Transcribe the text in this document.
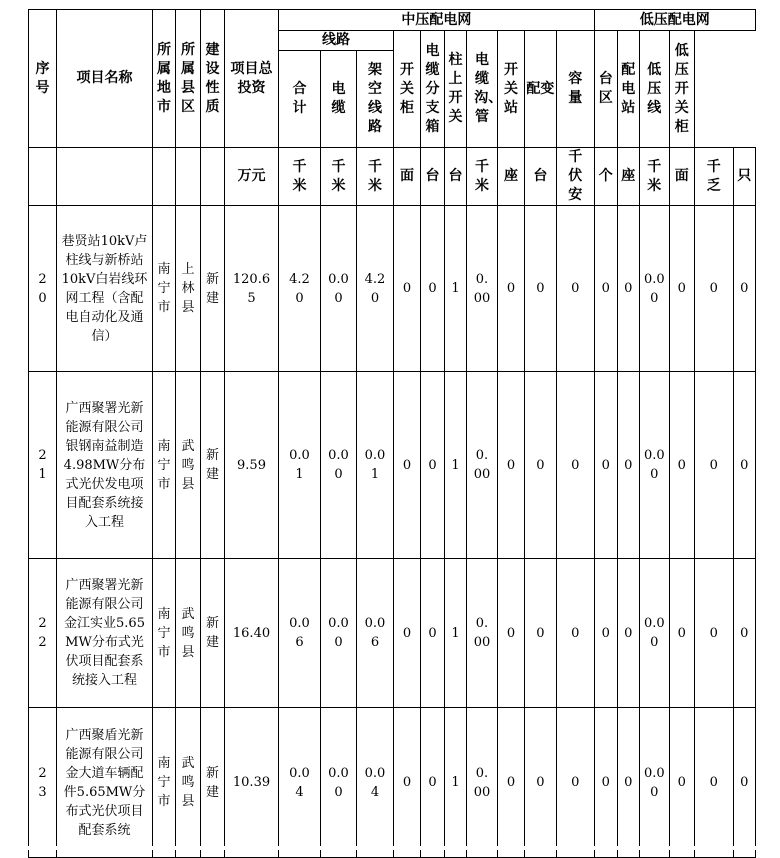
序号	项目名称	所属地市	所属县区	建设性质	项目总投资	中压配电网										低压配电网					
						线路			开关柜	电缆分支箱	柱上开关	电缆沟、管	开关站	配变	容量	台区	配电站	低压线	低压开关柜		
						合计	电缆	架空线路													
					万元	千米	千米	千米	面	台	台	千米	座	台	千伏安	个	座	千米	面	千乏	只
20	巷贤站10kV卢柱线与新桥站10kV白岩线环网工程（含配电自动化及通信）	南宁市	上林县	新建	120.65	4.20	0.00	4.20	0	0	1	0.00	0	0	0	0	0	0.00	0	0	0
21	广西聚署光新能源有限公司银钢南益制造4.98MW分布式光伏发电项目配套系统接入工程	南宁市	武鸣县	新建	9.59	0.01	0.00	0.01	0	0	1	0.00	0	0	0	0	0	0.00	0	0	0
22	广西聚署光新能源有限公司金江实业5.65MW分布式光伏项目配套系统接入工程	南宁市	武鸣县	新建	16.40	0.06	0.00	0.06	0	0	1	0.00	0	0	0	0	0	0.00	0	0	0
23	广西聚盾光新能源有限公司金大道车辆配件5.65MW分布式光伏项目配套系统	南宁市	武鸣县	新建	10.39	0.04	0.00	0.04	0	0	1	0.00	0	0	0	0	0	0.00	0	0	0
